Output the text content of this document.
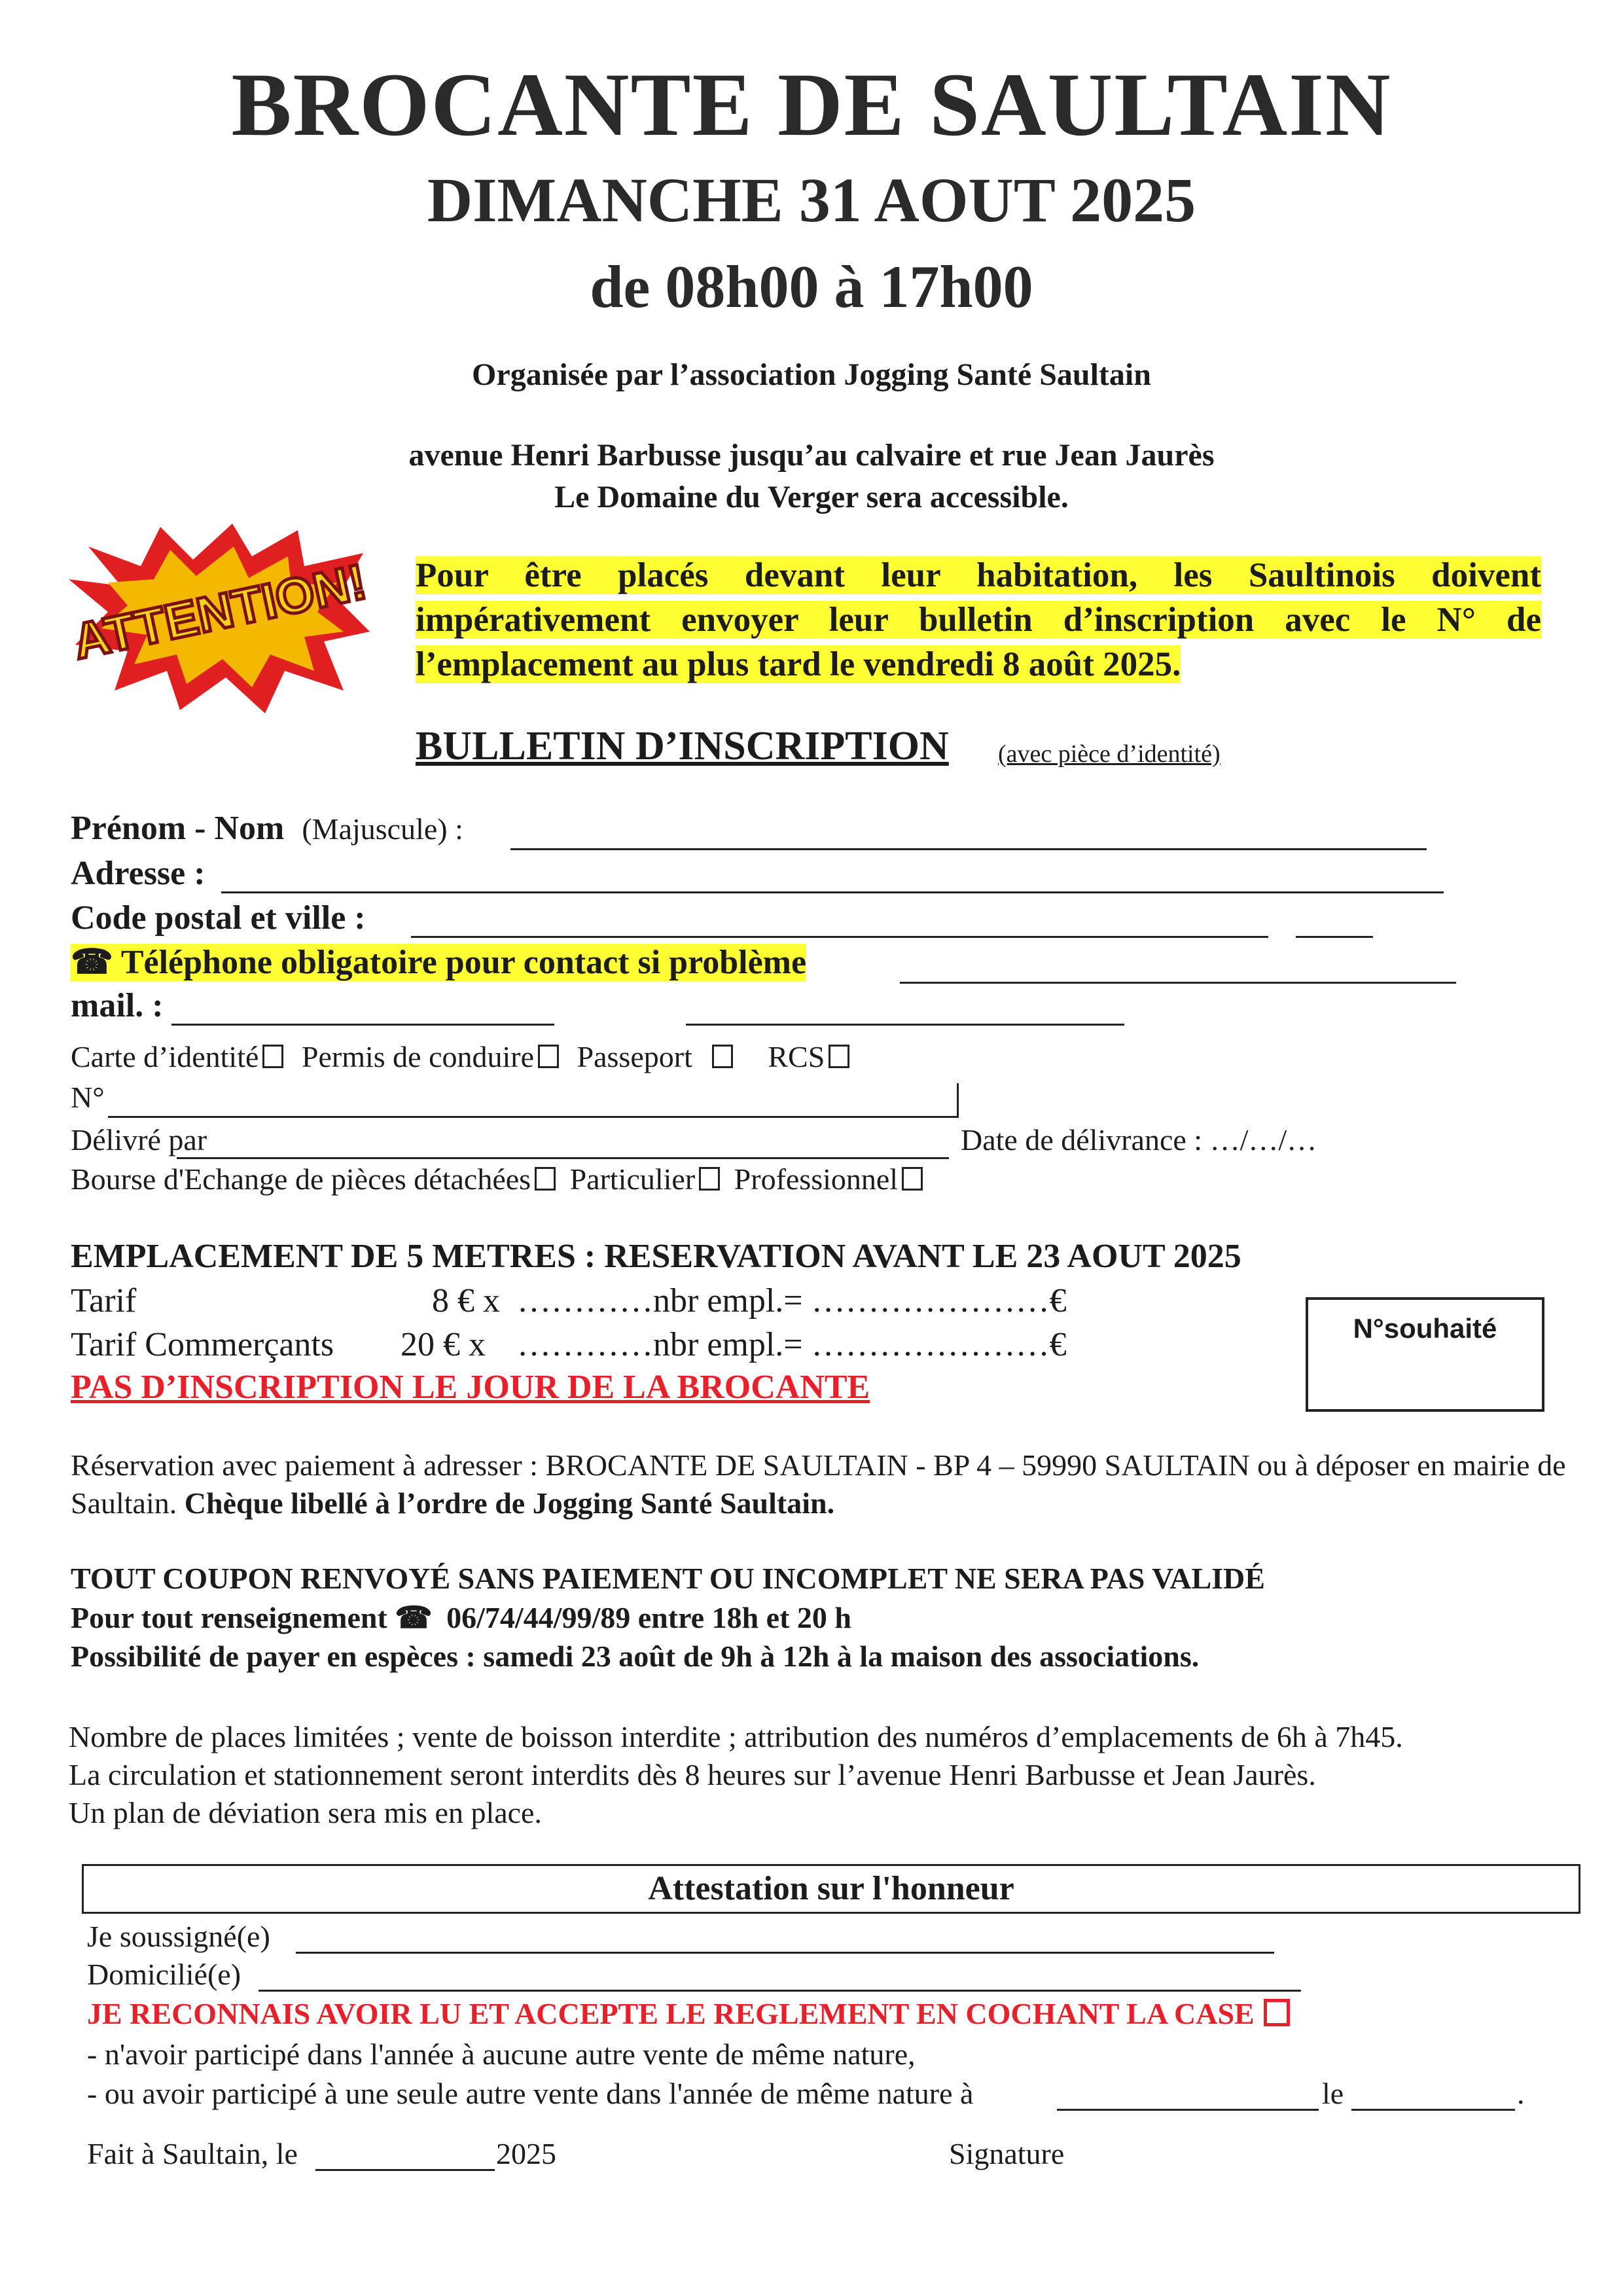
BROCANTE DE SAULTAIN
DIMANCHE 31 AOUT 2025
de 08h00 à 17h00
Organisée par l’association Jogging Santé Saultain
avenue Henri Barbusse jusqu’au calvaire et rue Jean Jaurès
Le Domaine du Verger sera accessible.
ATTENTION! Pour être placés devant leur habitation, les Saultinois doivent impérativement envoyer leur bulletin d’inscription avec le N° de l’emplacement au plus tard le vendredi 8 août 2025.
BULLETIN D’INSCRIPTION (avec pièce d’identité)
Prénom - Nom (Majuscule) :
Adresse :
Code postal et ville :
☎ Téléphone obligatoire pour contact si problème
mail. :
Carte d’identité Permis de conduire Passeport	RCS
N°
Délivré par	Date de délivrance : …/…/…
Bourse d'Echange de pièces détachées Particulier Professionnel
EMPLACEMENT DE 5 METRES : RESERVATION AVANT LE 23 AOUT 2025
Tarif	8 € x …………nbr empl.= …………………€
Tarif Commerçants 20 € x …………nbr empl.= …………………€	N°souhaité
PAS D’INSCRIPTION LE JOUR DE LA BROCANTE
Réservation avec paiement à adresser : BROCANTE DE SAULTAIN - BP 4 – 59990 SAULTAIN ou à déposer en mairie de Saultain. Chèque libellé à l’ordre de Jogging Santé Saultain.
TOUT COUPON RENVOYÉ SANS PAIEMENT OU INCOMPLET NE SERA PAS VALIDÉ
Pour tout renseignement ☎ 06/74/44/99/89 entre 18h et 20 h
Possibilité de payer en espèces : samedi 23 août de 9h à 12h à la maison des associations.
Nombre de places limitées ; vente de boisson interdite ; attribution des numéros d’emplacements de 6h à 7h45.
La circulation et stationnement seront interdits dès 8 heures sur l’avenue Henri Barbusse et Jean Jaurès.
Un plan de déviation sera mis en place.
Attestation sur l'honneur
Je soussigné(e)
Domicilié(e)
JE RECONNAIS AVOIR LU ET ACCEPTE LE REGLEMENT EN COCHANT LA CASE
- n'avoir participé dans l'année à aucune autre vente de même nature,
- ou avoir participé à une seule autre vente dans l'année de même nature à	le	.
Fait à Saultain, le	2025	Signature
